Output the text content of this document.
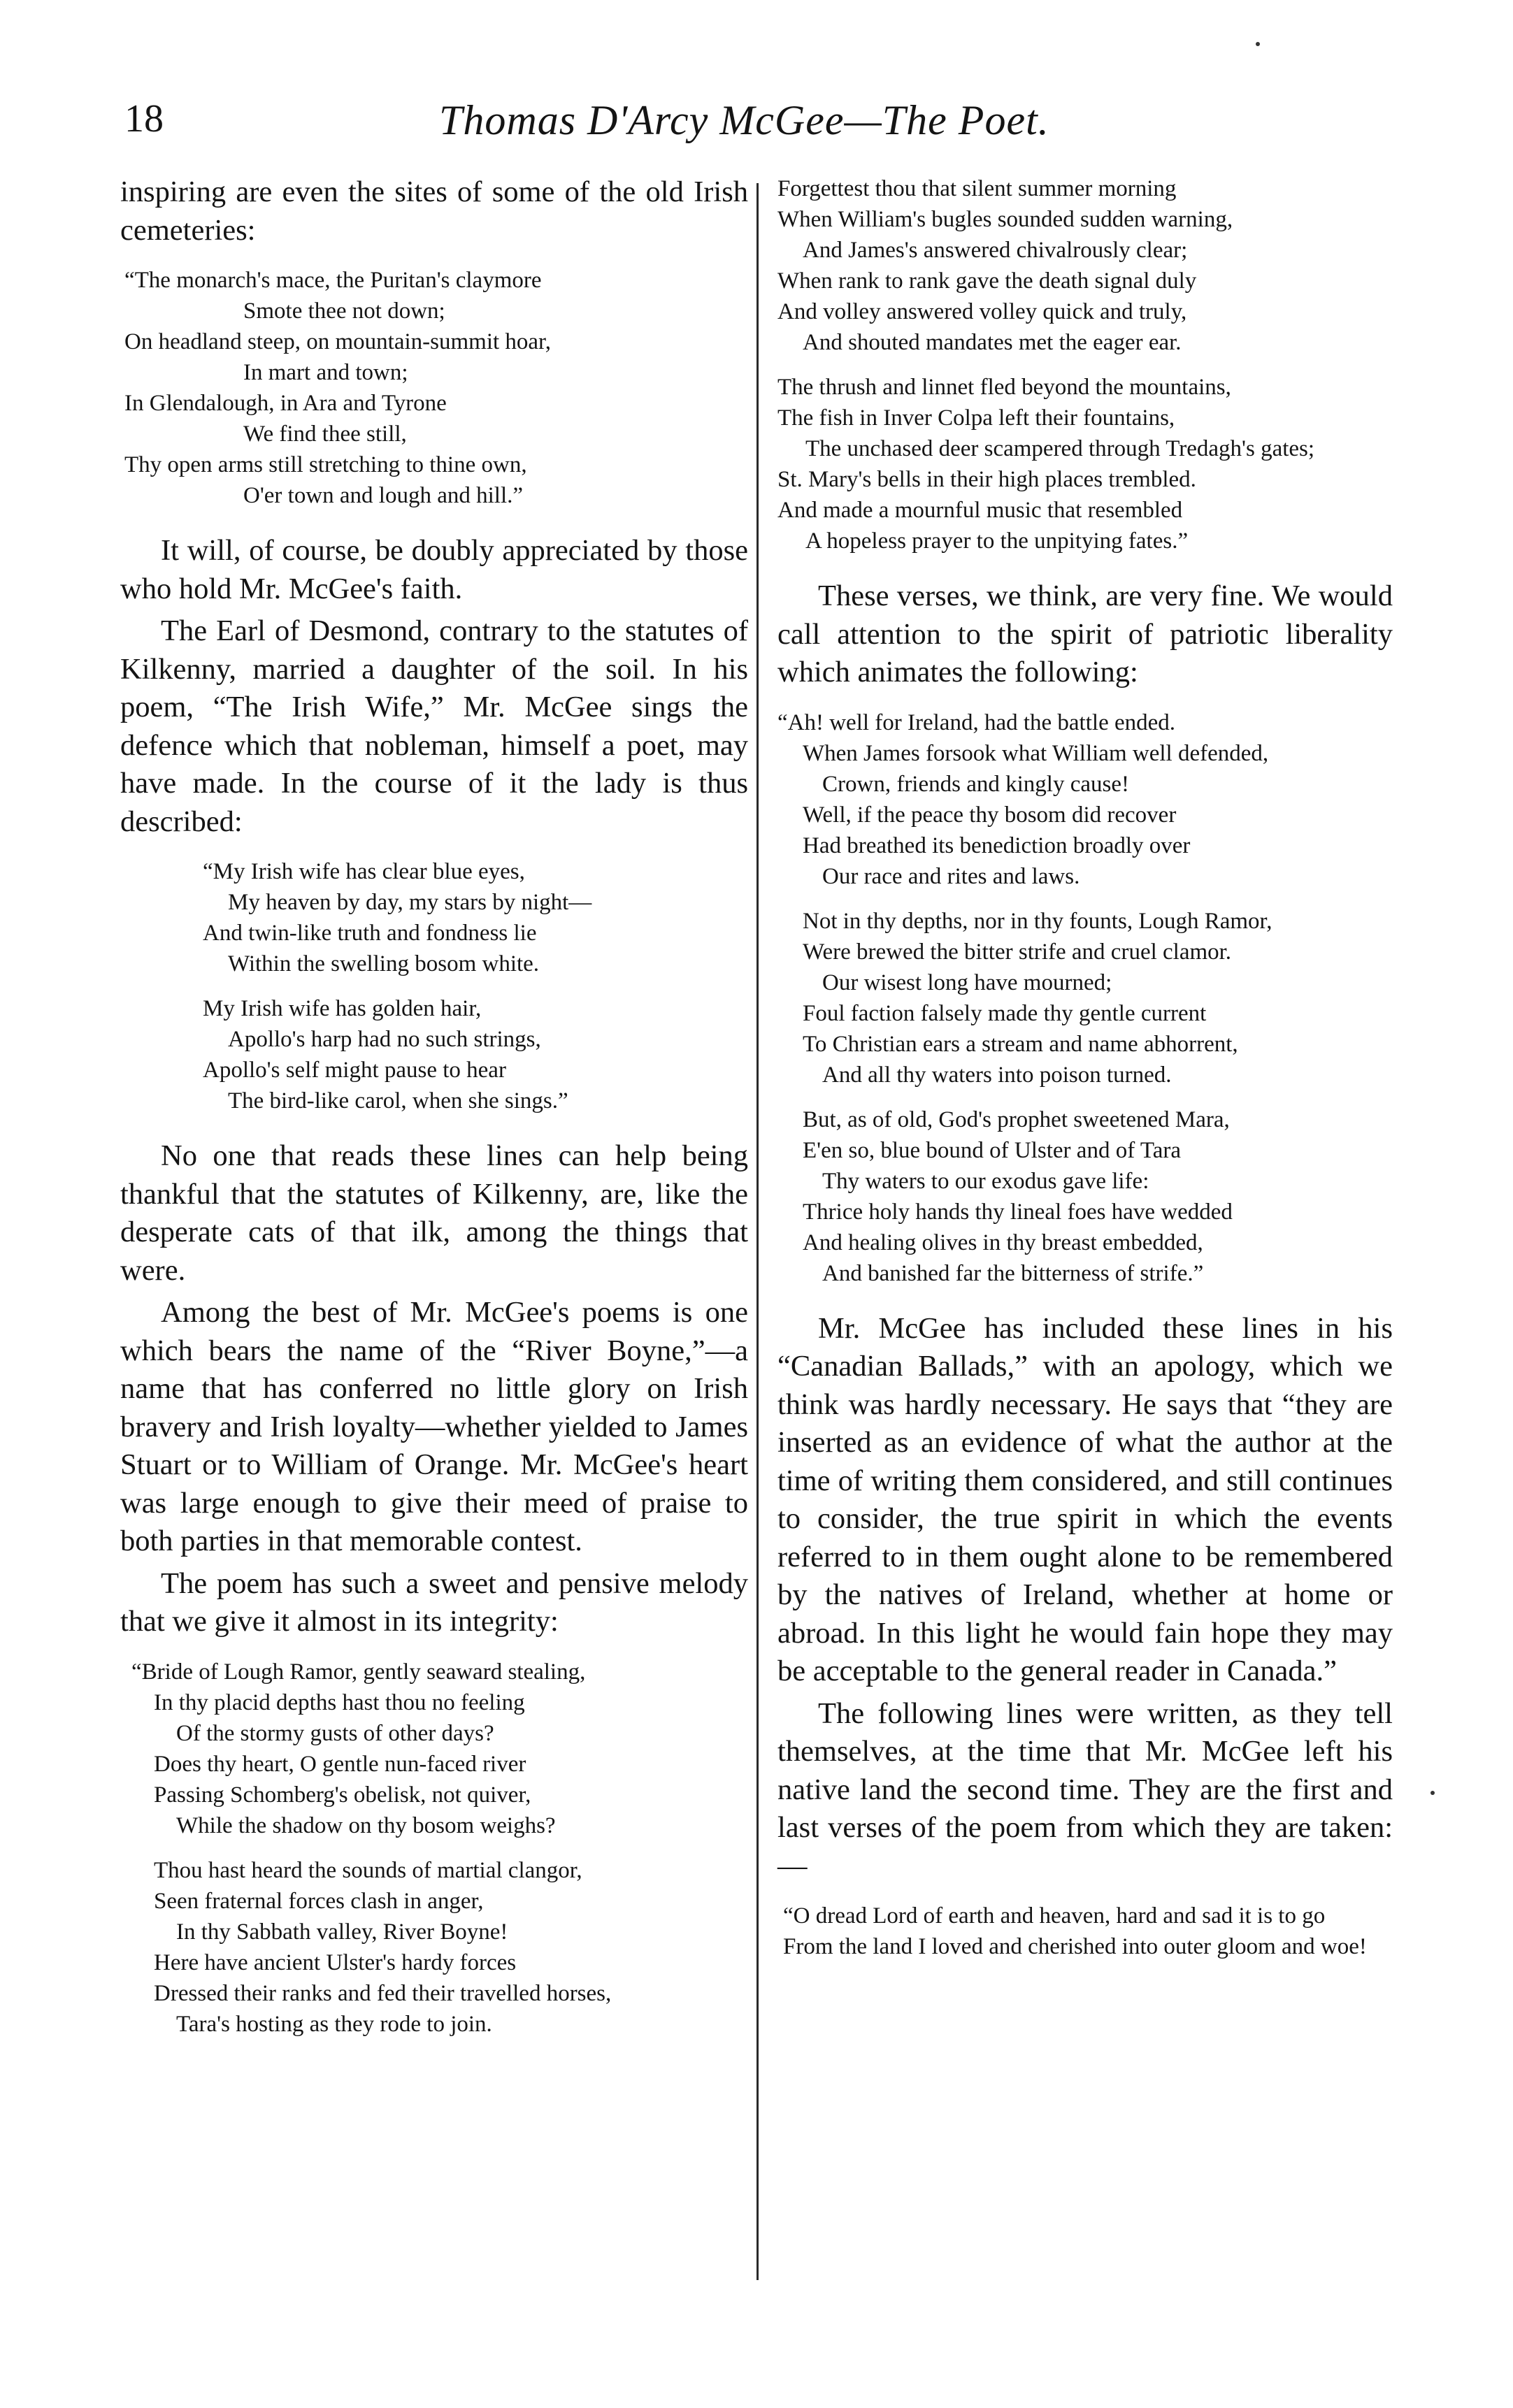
18	Thomas D'Arcy McGee—The Poet.

inspiring are even the sites of some of the old Irish cemeteries:

“The monarch's mace, the Puritan's claymore
Smote thee not down;
On headland steep, on mountain-summit hoar,
In mart and town;
In Glendalough, in Ara and Tyrone
We find thee still,
Thy open arms still stretching to thine own,
O'er town and lough and hill.”

It will, of course, be doubly appreciated by those who hold Mr. McGee's faith.

The Earl of Desmond, contrary to the statutes of Kilkenny, married a daughter of the soil. In his poem, “The Irish Wife,” Mr. McGee sings the defence which that nobleman, himself a poet, may have made. In the course of it the lady is thus described:

“My Irish wife has clear blue eyes,
My heaven by day, my stars by night—
And twin-like truth and fondness lie
Within the swelling bosom white.
My Irish wife has golden hair,
Apollo's harp had no such strings,
Apollo's self might pause to hear
The bird-like carol, when she sings.”

No one that reads these lines can help being thankful that the statutes of Kilkenny, are, like the desperate cats of that ilk, among the things that were.

Among the best of Mr. McGee's poems is one which bears the name of the “River Boyne,”—a name that has conferred no little glory on Irish bravery and Irish loyalty—whether yielded to James Stuart or to William of Orange. Mr. McGee's heart was large enough to give their meed of praise to both parties in that memorable contest.

The poem has such a sweet and pensive melody that we give it almost in its integrity:

“Bride of Lough Ramor, gently seaward stealing,
In thy placid depths hast thou no feeling
Of the stormy gusts of other days?
Does thy heart, O gentle nun-faced river
Passing Schomberg's obelisk, not quiver,
While the shadow on thy bosom weighs?
Thou hast heard the sounds of martial clangor,
Seen fraternal forces clash in anger,
In thy Sabbath valley, River Boyne!
Here have ancient Ulster's hardy forces
Dressed their ranks and fed their travelled horses,
Tara's hosting as they rode to join.
Forgettest thou that silent summer morning
When William's bugles sounded sudden warning,
And James's answered chivalrously clear;
When rank to rank gave the death signal duly
And volley answered volley quick and truly,
And shouted mandates met the eager ear.
The thrush and linnet fled beyond the mountains,
The fish in Inver Colpa left their fountains,
The unchased deer scampered through Tredagh's gates;
St. Mary's bells in their high places trembled.
And made a mournful music that resembled
A hopeless prayer to the unpitying fates.”

These verses, we think, are very fine. We would call attention to the spirit of patriotic liberality which animates the following:

“Ah! well for Ireland, had the battle ended.
When James forsook what William well defended,
Crown, friends and kingly cause!
Well, if the peace thy bosom did recover
Had breathed its benediction broadly over
Our race and rites and laws.
Not in thy depths, nor in thy founts, Lough Ramor,
Were brewed the bitter strife and cruel clamor.
Our wisest long have mourned;
Foul faction falsely made thy gentle current
To Christian ears a stream and name abhorrent,
And all thy waters into poison turned.
But, as of old, God's prophet sweetened Mara,
E'en so, blue bound of Ulster and of Tara
Thy waters to our exodus gave life:
Thrice holy hands thy lineal foes have wedded
And healing olives in thy breast embedded,
And banished far the bitterness of strife.”

Mr. McGee has included these lines in his “Canadian Ballads,” with an apology, which we think was hardly necessary. He says that “they are inserted as an evidence of what the author at the time of writing them considered, and still continues to consider, the true spirit in which the events referred to in them ought alone to be remembered by the natives of Ireland, whether at home or abroad. In this light he would fain hope they may be acceptable to the general reader in Canada.”

The following lines were written, as they tell themselves, at the time that Mr. McGee left his native land the second time. They are the first and last verses of the poem from which they are taken:—

“O dread Lord of earth and heaven, hard and sad it is to go
From the land I loved and cherished into outer gloom and woe!
